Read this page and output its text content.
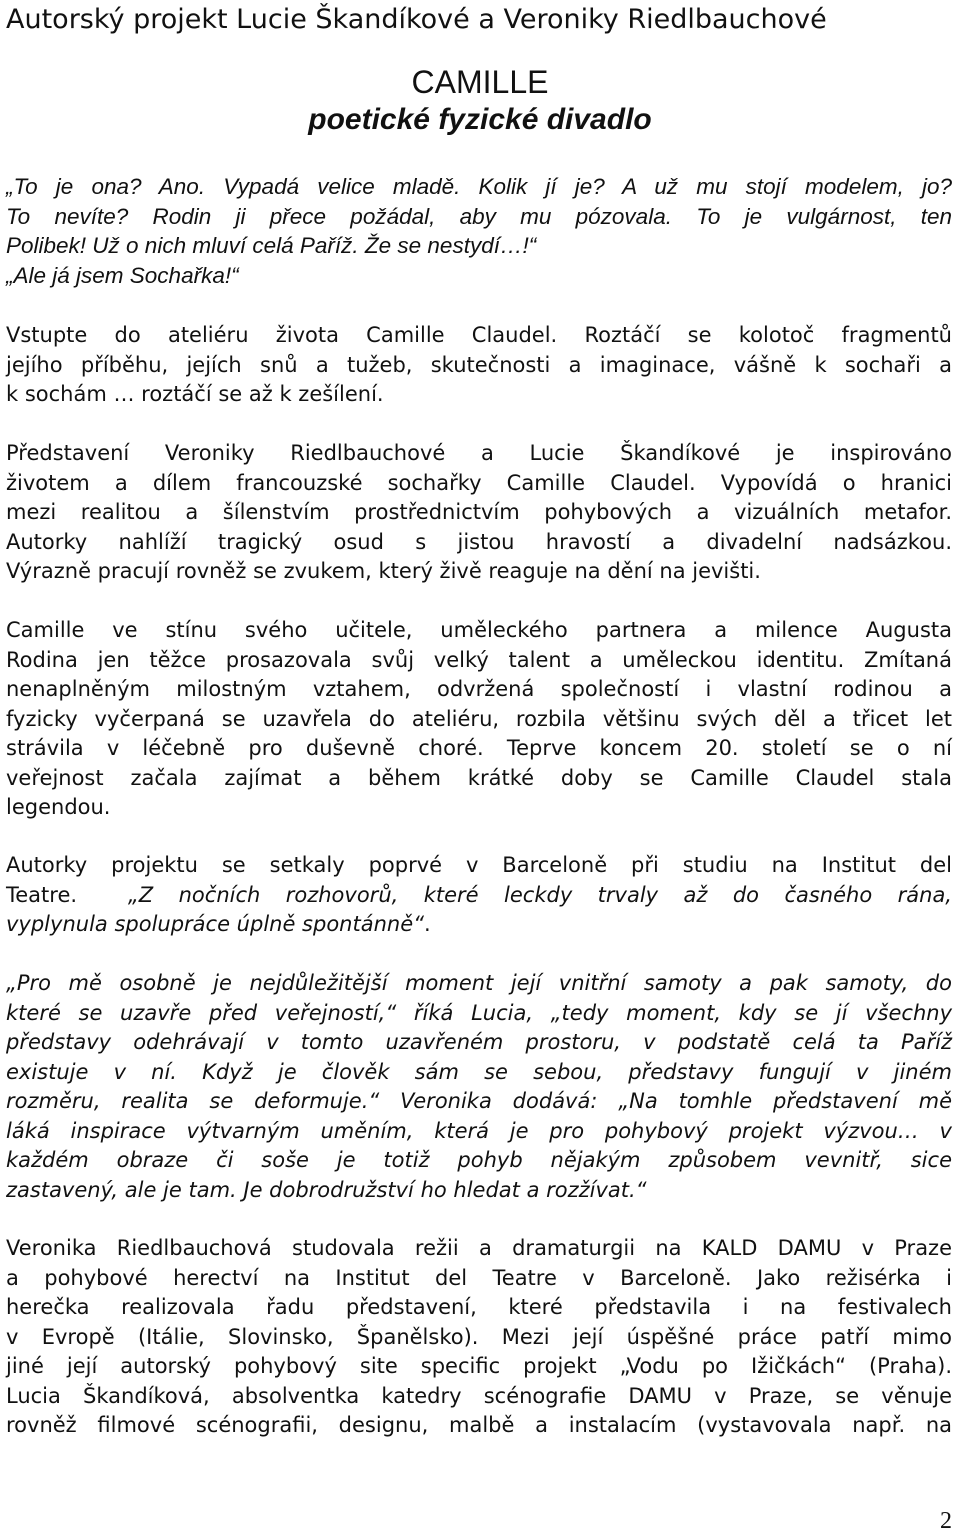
Autorský projekt Lucie Škandíkové a Veroniky Riedlbauchové
CAMILLE
poetické fyzické divadlo
„To je ona? Ano. Vypadá velice mladě. Kolik jí je? A už mu stojí modelem, jo?
To nevíte? Rodin ji přece požádal, aby mu pózovala. To je vulgárnost, ten
Polibek! Už o nich mluví celá Paříž. Že se nestydí…!“
„Ale já jsem Sochařka!“
Vstupte do ateliéru života Camille Claudel. Roztáčí se kolotoč fragmentů
jejího příběhu, jejích snů a tužeb, skutečnosti a imaginace, vášně k sochaři a
k sochám … roztáčí se až k zešílení.
Představení Veroniky Riedlbauchové a Lucie Škandíkové je inspirováno
životem a dílem francouzské sochařky Camille Claudel. Vypovídá o hranici
mezi realitou a šílenstvím prostřednictvím pohybových a vizuálních metafor.
Autorky nahlíží tragický osud s jistou hravostí a divadelní nadsázkou.
Výrazně pracují rovněž se zvukem, který živě reaguje na dění na jevišti.
Camille ve stínu svého učitele, uměleckého partnera a milence Augusta
Rodina jen těžce prosazovala svůj velký talent a uměleckou identitu. Zmítaná
nenaplněným milostným vztahem, odvržená společností i vlastní rodinou a
fyzicky vyčerpaná se uzavřela do ateliéru, rozbila většinu svých děl a třicet let
strávila v léčebně pro duševně choré. Teprve koncem 20. století se o ní
veřejnost začala zajímat a během krátké doby se Camille Claudel stala
legendou.
Autorky projektu se setkaly poprvé v Barceloně při studiu na Institut del
Teatre. „Z nočních rozhovorů, které leckdy trvaly až do časného rána,
vyplynula spolupráce úplně spontánně“.
„Pro mě osobně je nejdůležitější moment její vnitřní samoty a pak samoty, do
které se uzavře před veřejností,“ říká Lucia, „tedy moment, kdy se jí všechny
představy odehrávají v tomto uzavřeném prostoru, v podstatě celá ta Paříž
existuje v ní. Když je člověk sám se sebou, představy fungují v jiném
rozměru, realita se deformuje.“ Veronika dodává: „Na tomhle představení mě
láká inspirace výtvarným uměním, která je pro pohybový projekt výzvou… v
každém obraze či soše je totiž pohyb nějakým způsobem vevnitř, sice
zastavený, ale je tam. Je dobrodružství ho hledat a rozžívat.“
Veronika Riedlbauchová studovala režii a dramaturgii na KALD DAMU v Praze
a pohybové herectví na Institut del Teatre v Barceloně. Jako režisérka i
herečka realizovala řadu představení, které představila i na festivalech
v Evropě (Itálie, Slovinsko, Španělsko). Mezi její úspěšné práce patří mimo
jiné její autorský pohybový site specific projekt „Vodu po Ižičkách“ (Praha).
Lucia Škandíková, absolventka katedry scénografie DAMU v Praze, se věnuje
rovněž filmové scénografii, designu, malbě a instalacím (vystavovala např. na
2
